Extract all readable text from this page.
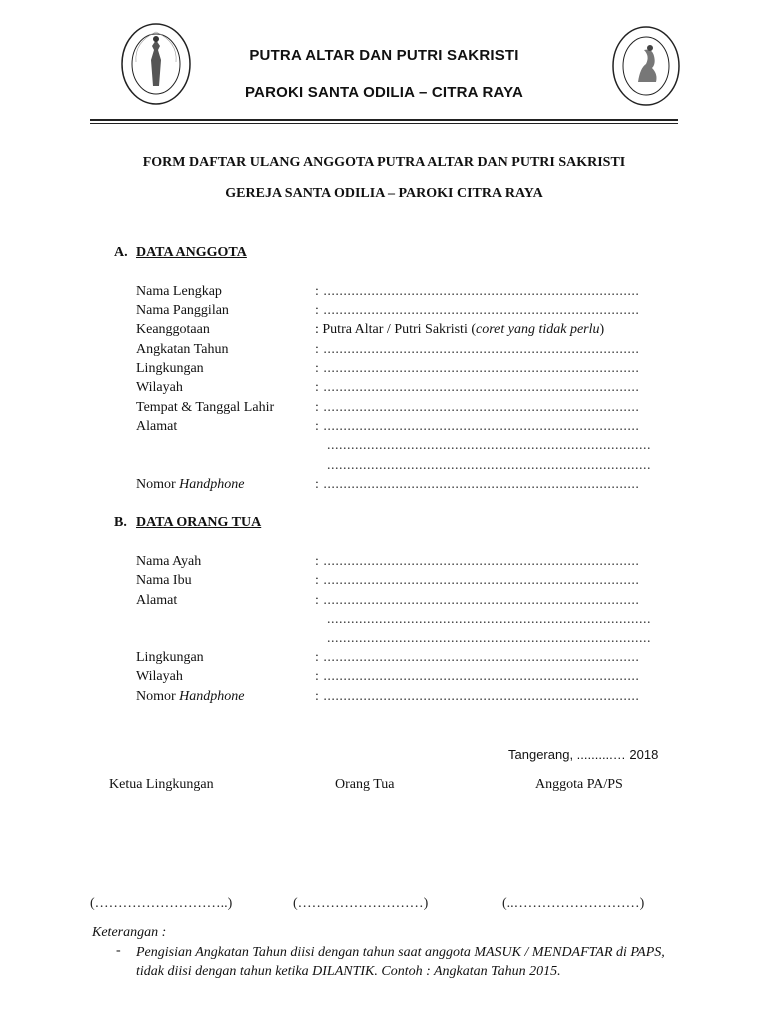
PUTRA ALTAR DAN PUTRI SAKRISTI
PAROKI SANTA ODILIA – CITRA RAYA
FORM DAFTAR ULANG ANGGOTA PUTRA ALTAR DAN PUTRI SAKRISTI
GEREJA SANTA ODILIA – PAROKI CITRA RAYA
A. DATA ANGGOTA
Nama Lengkap	: ...............................................................................
Nama Panggilan	: ...............................................................................
Keanggotaan	: Putra Altar / Putri Sakristi (coret yang tidak perlu)
Angkatan Tahun	: ...............................................................................
Lingkungan	: ...............................................................................
Wilayah	: ...............................................................................
Tempat & Tanggal Lahir	: ...............................................................................
Alamat	: ...............................................................................
.................................................................................
.................................................................................
Nomor Handphone	: ...............................................................................
B. DATA ORANG TUA
Nama Ayah	: ...............................................................................
Nama Ibu	: ...............................................................................
Alamat	: ...............................................................................
.................................................................................
.................................................................................
Lingkungan	: ...............................................................................
Wilayah	: ...............................................................................
Nomor Handphone	: ...............................................................................
Tangerang, ..........… 2018
Ketua Lingkungan	Orang Tua	Anggota PA/PS
(………………………..)	(………………………)	(..………………………)
Keterangan :
- Pengisian Angkatan Tahun diisi dengan tahun saat anggota MASUK / MENDAFTAR di PAPS, tidak diisi dengan tahun ketika DILANTIK. Contoh : Angkatan Tahun 2015.
